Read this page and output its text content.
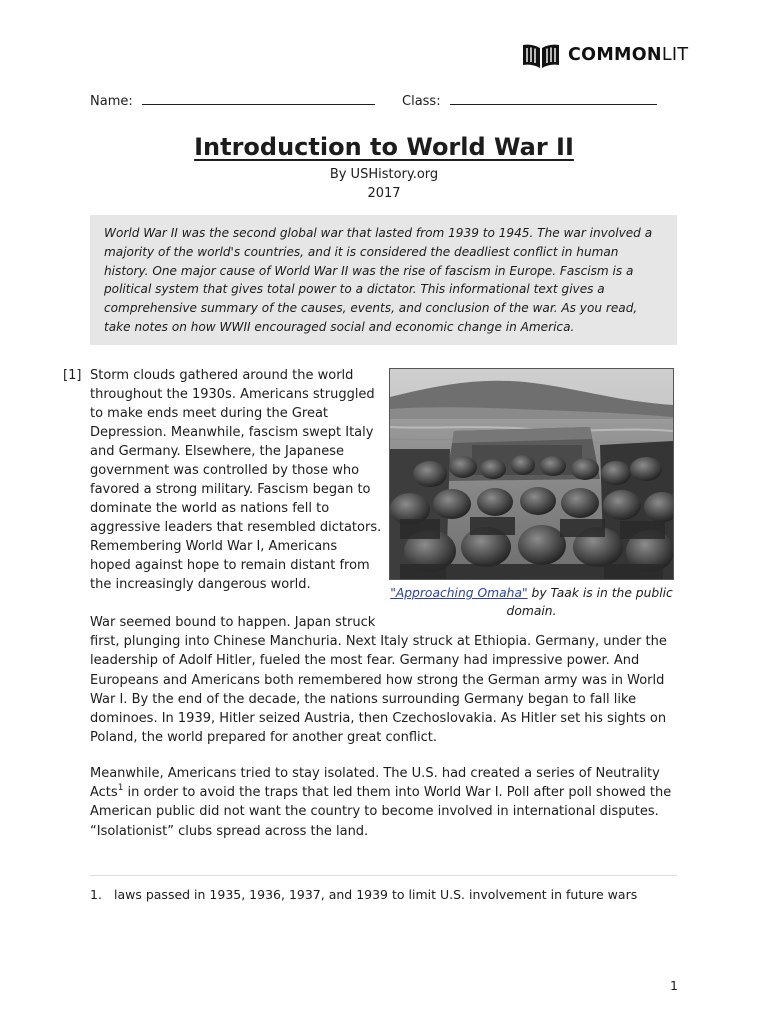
COMMONLIT
Name:	Class:
Introduction to World War II
By USHistory.org
2017
World War II was the second global war that lasted from 1939 to 1945. The war involved a majority of the world's countries, and it is considered the deadliest conflict in human history. One major cause of World War II was the rise of fascism in Europe. Fascism is a political system that gives total power to a dictator. This informational text gives a comprehensive summary of the causes, events, and conclusion of the war. As you read, take notes on how WWII encouraged social and economic change in America.
[1] Storm clouds gathered around the world throughout the 1930s. Americans struggled to make ends meet during the Great Depression. Meanwhile, fascism swept Italy and Germany. Elsewhere, the Japanese government was controlled by those who favored a strong military. Fascism began to dominate the world as nations fell to aggressive leaders that resembled dictators. Remembering World War I, Americans hoped against hope to remain distant from the increasingly dangerous world.

"Approaching Omaha" by Taak is in the public domain.

War seemed bound to happen. Japan struck
first, plunging into Chinese Manchuria. Next Italy struck at Ethiopia. Germany, under the leadership of Adolf Hitler, fueled the most fear. Germany had impressive power. And Europeans and Americans both remembered how strong the German army was in World War I. By the end of the decade, the nations surrounding Germany began to fall like dominoes. In 1939, Hitler seized Austria, then Czechoslovakia. As Hitler set his sights on Poland, the world prepared for another great conflict.

Meanwhile, Americans tried to stay isolated. The U.S. had created a series of Neutrality Acts$^1$ in order to avoid the traps that led them into World War I. Poll after poll showed the American public did not want the country to become involved in international disputes. “Isolationist” clubs spread across the land.

1. laws passed in 1935, 1936, 1937, and 1939 to limit U.S. involvement in future wars
1
